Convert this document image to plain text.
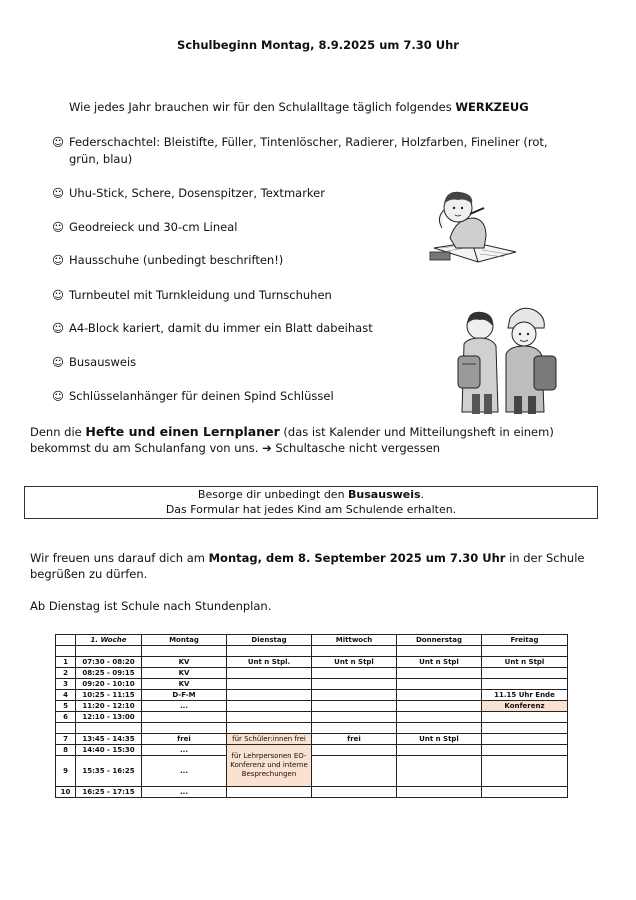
Schulbeginn Montag, 8.9.2025 um 7.30 Uhr
Wie jedes Jahr brauchen wir für den Schulalltage täglich folgendes WERKZEUG
☺ Federschachtel: Bleistifte, Füller, Tintenlöscher, Radierer, Holzfarben, Fineliner (rot, grün, blau)
☺ Uhu-Stick, Schere, Dosenspitzer, Textmarker
☺ Geodreieck und 30-cm Lineal
☺ Hausschuhe (unbedingt beschriften!)
☺ Turnbeutel mit Turnkleidung und Turnschuhen
☺ A4-Block kariert, damit du immer ein Blatt dabeihast
☺ Busausweis
☺ Schlüsselanhänger für deinen Spind Schlüssel
Denn die Hefte und einen Lernplaner (das ist Kalender und Mitteilungsheft in einem)
bekommst du am Schulanfang von uns. ➔ Schultasche nicht vergessen
Besorge dir unbedingt den Busausweis.
Das Formular hat jedes Kind am Schulende erhalten.
Wir freuen uns darauf dich am Montag, dem 8. September 2025 um 7.30 Uhr in der Schule
begrüßen zu dürfen.
Ab Dienstag ist Schule nach Stundenplan.
	1. Woche	Montag	Dienstag	Mittwoch	Donnerstag	Freitag

1	07:30 - 08:20	KV	Unt n Stpl.	Unt n Stpl	Unt n Stpl	Unt n Stpl
2	08:25 - 09:15	KV				
3	09:20 - 10:10	KV				
4	10:25 - 11:15	D-F-M				11.15 Uhr Ende
5	11:20 - 12:10	...				Konferenz
6	12:10 - 13:00					

7	13:45 - 14:35	frei	für Schüler:innen frei	frei	Unt n Stpl	
8	14:40 - 15:30	...	für Lehrpersonen EO-Konferenz und interne Besprechungen			
9	15:35 - 16:25	...				
10	16:25 - 17:15	...				
